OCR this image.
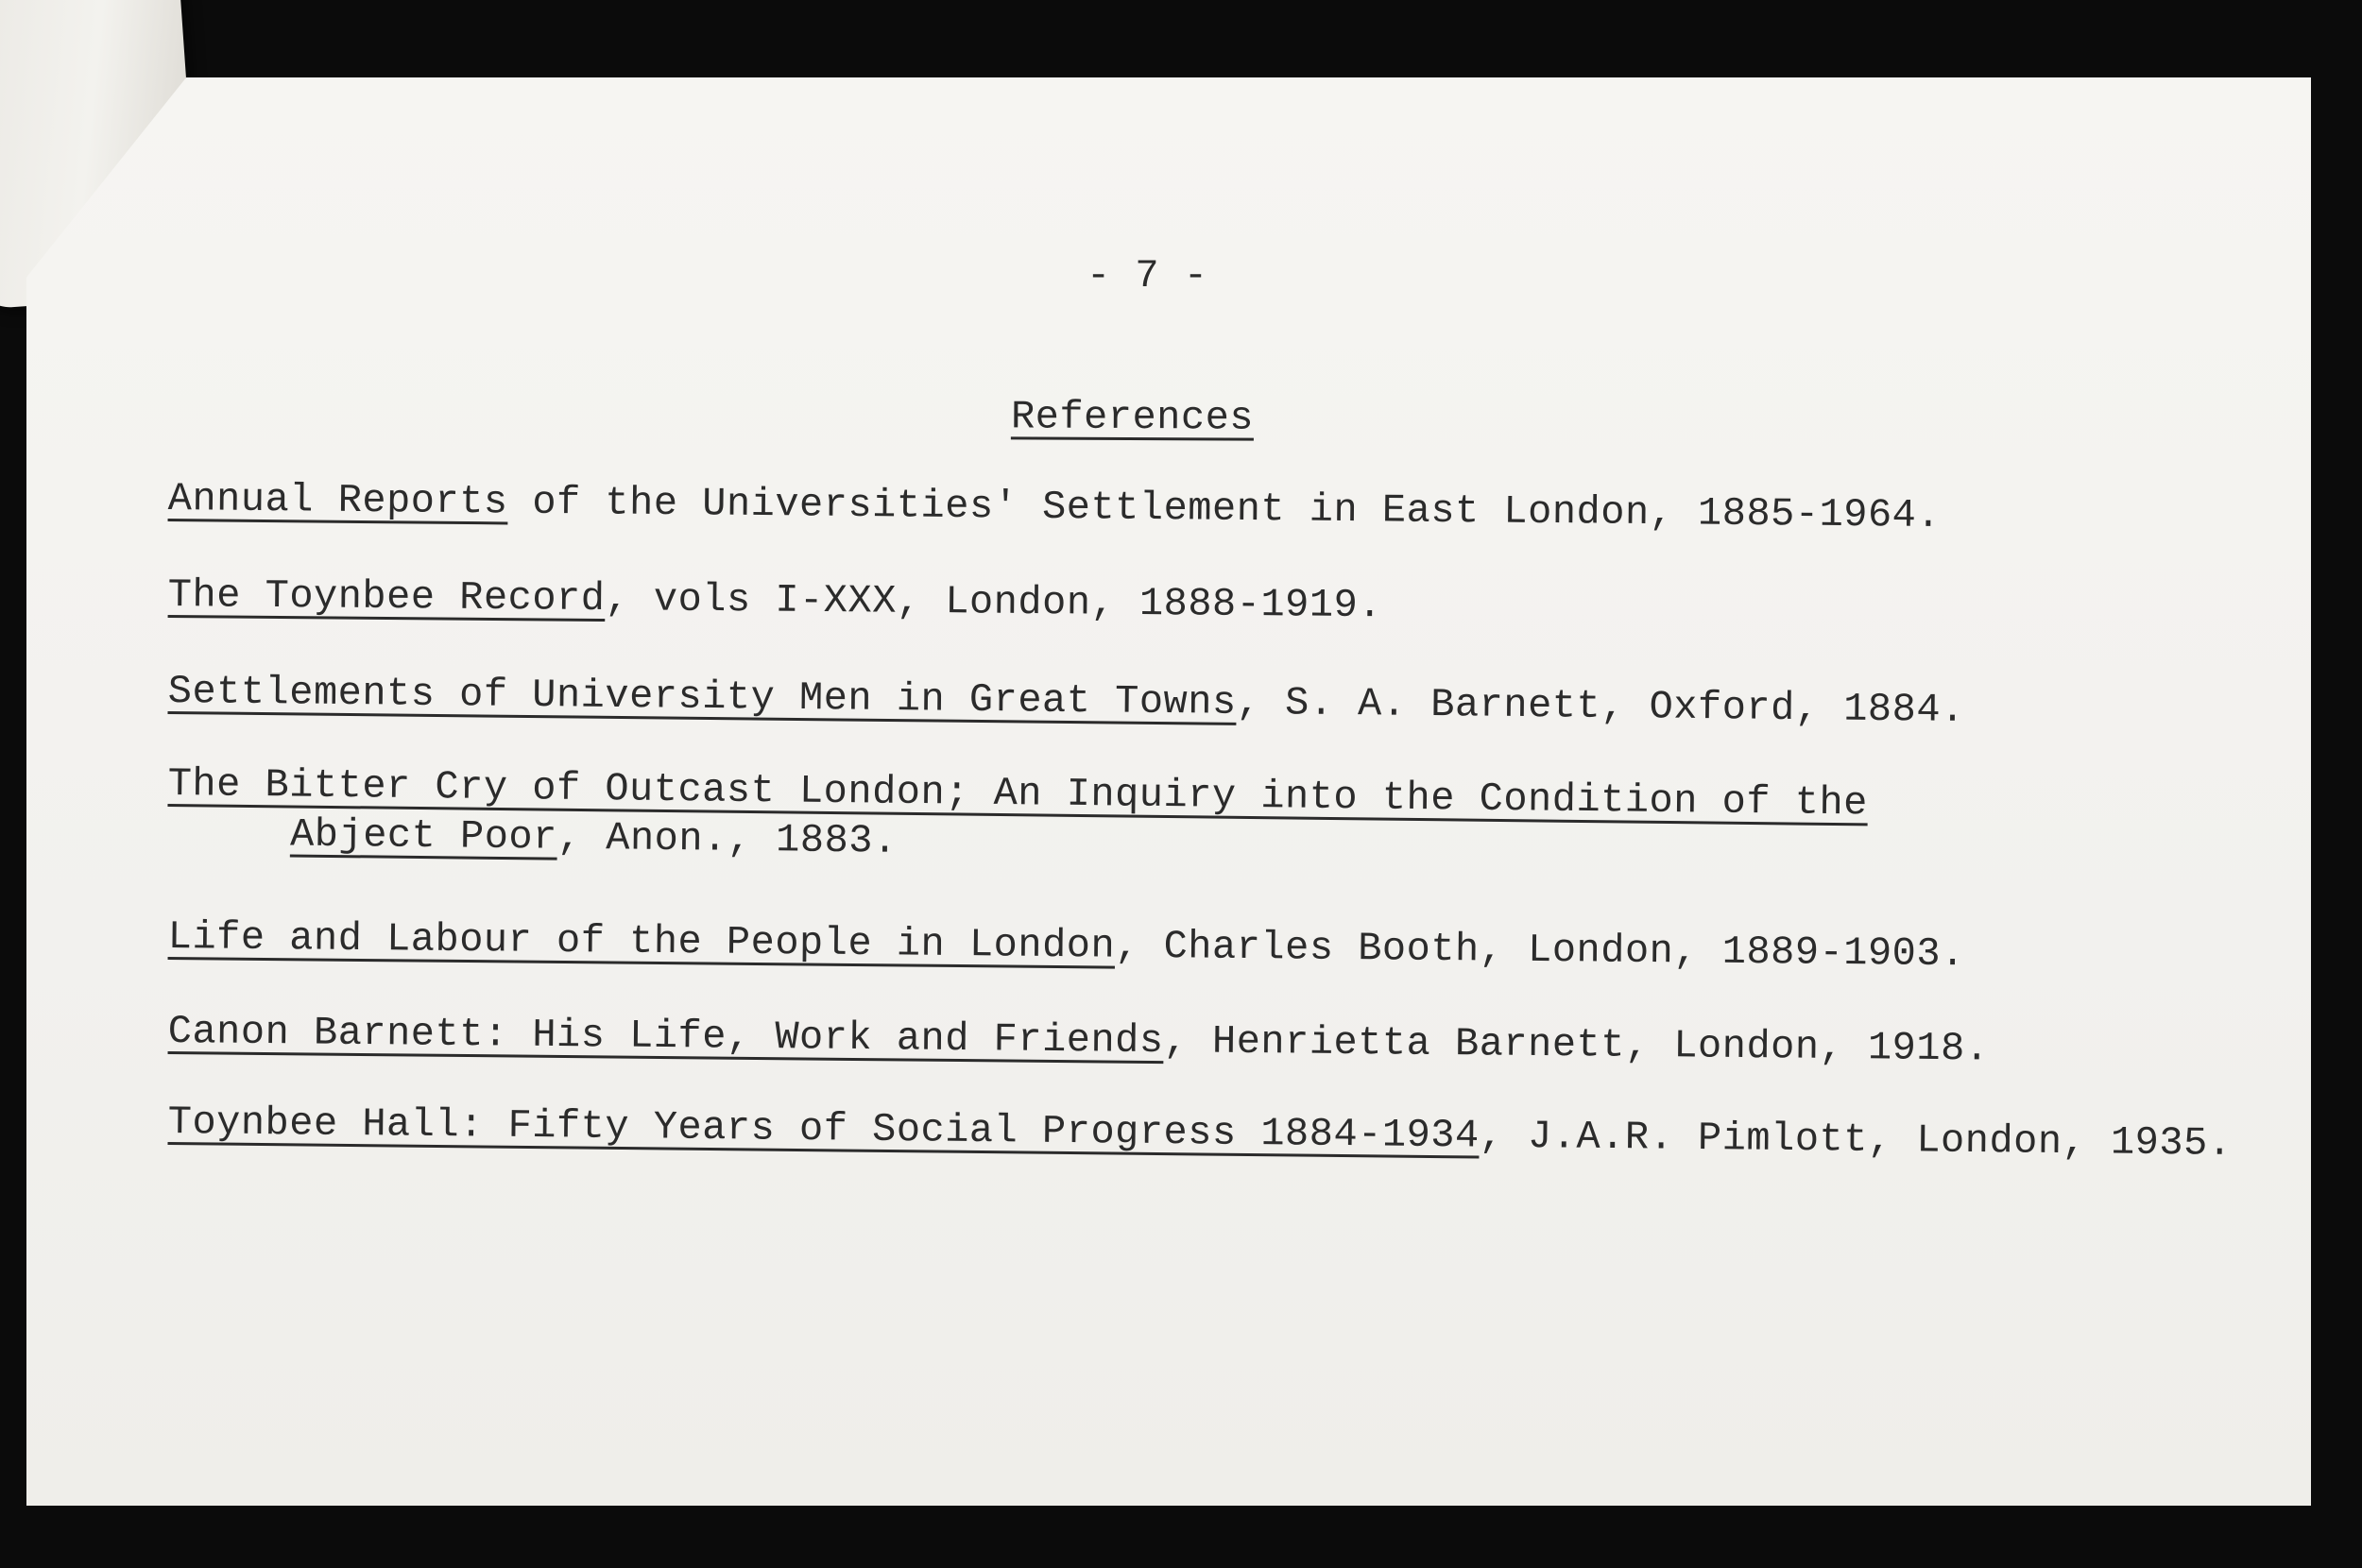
- 7 -
References
Annual Reports of the Universities' Settlement in East London, 1885-1964.
The Toynbee Record, vols I-XXX, London, 1888-1919.
Settlements of University Men in Great Towns, S. A. Barnett, Oxford, 1884.
The Bitter Cry of Outcast London; An Inquiry into the Condition of the
Abject Poor, Anon., 1883.
Life and Labour of the People in London, Charles Booth, London, 1889-1903.
Canon Barnett: His Life, Work and Friends, Henrietta Barnett, London, 1918.
Toynbee Hall: Fifty Years of Social Progress 1884-1934, J.A.R. Pimlott, London, 1935.
